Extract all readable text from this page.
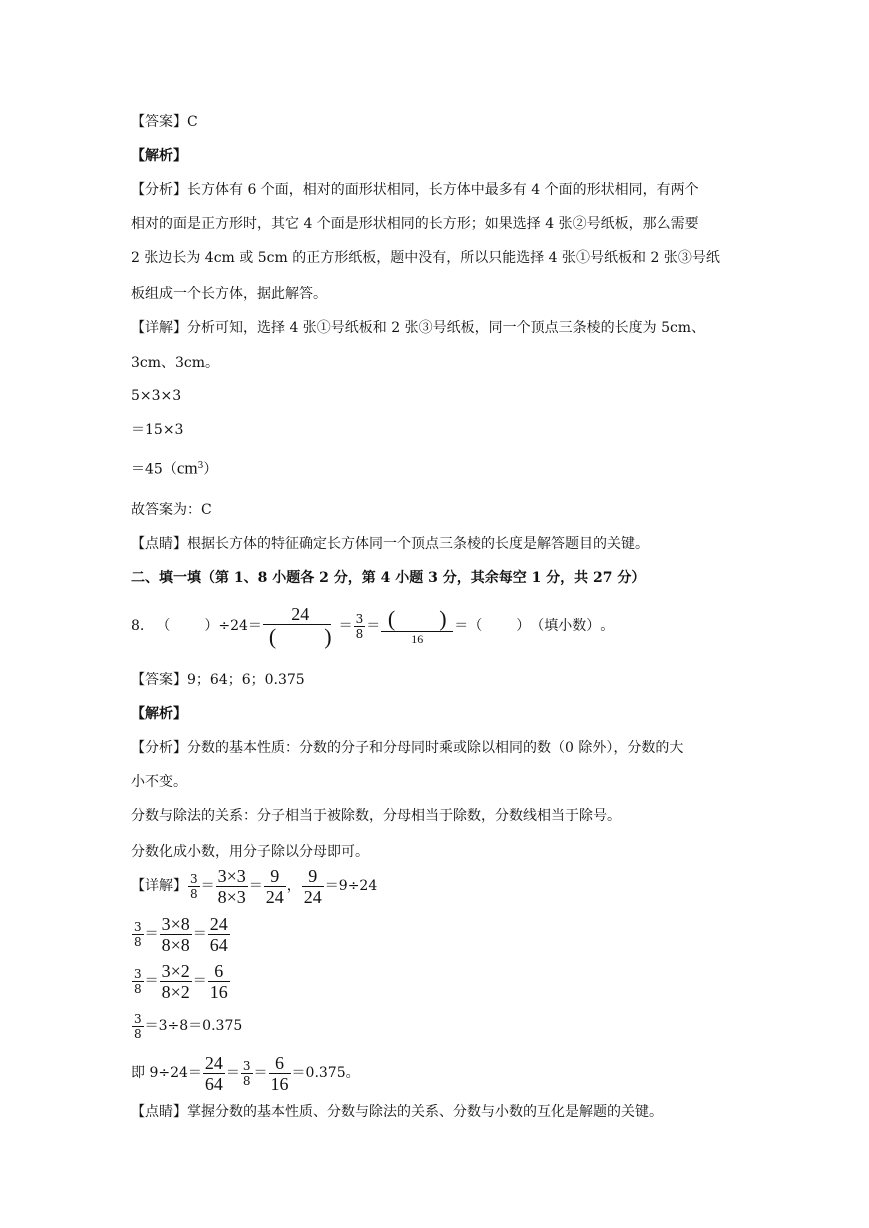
【答案】C
【解析】
【分析】长方体有 6 个面，相对的面形状相同，长方体中最多有 4 个面的形状相同，有两个
相对的面是正方形时，其它 4 个面是形状相同的长方形；如果选择 4 张②号纸板，那么需要
2 张边长为 4cm 或 5cm 的正方形纸板，题中没有，所以只能选择 4 张①号纸板和 2 张③号纸
板组成一个长方体，据此解答。
【详解】分析可知，选择 4 张①号纸板和 2 张③号纸板，同一个顶点三条棱的长度为 5cm、
3cm、3cm。
5×3×3
＝15×3
$=45(cm^3)$
故答案为：C
【点睛】根据长方体的特征确定长方体同一个顶点三条棱的长度是解答题目的关键。
二、填一填（第 1、8 小题各 2 分，第 4 小题 3 分，其余每空 1 分，共 27 分）
8. （ ） $\div 24= \frac{24}{( )} = \frac{3}{8} = \frac{( )}{16}$ ＝ （ ） （填小数） 。
【答案】9；64；6；0.375
【解析】
【分析】分数的基本性质：分数的分子和分母同时乘或除以相同的数（0 除外），分数的大
小不变。
分数与除法的关系：分子相当于被除数，分母相当于除数，分数线相当于除号。
分数化成小数，用分子除以分母即可。
【详解】 $\frac{3}{8} = \frac{3\times 3}{8\times 3} = \frac{9}{24}$ ， $\frac{9}{24} =9\div 24$
$\frac{3}{8} = \frac{3\times 8}{8\times 8} = \frac{24}{64}$
$\frac{3}{8} = \frac{3\times 2}{8\times 2} = \frac{6}{16}$
$\frac{3}{8} =3\div 8=0.375$
即 $9\div 24= \frac{24}{64} = \frac{3}{8} = \frac{6}{16} =0.375$。
【点睛】掌握分数的基本性质、分数与除法的关系、分数与小数的互化是解题的关键。
